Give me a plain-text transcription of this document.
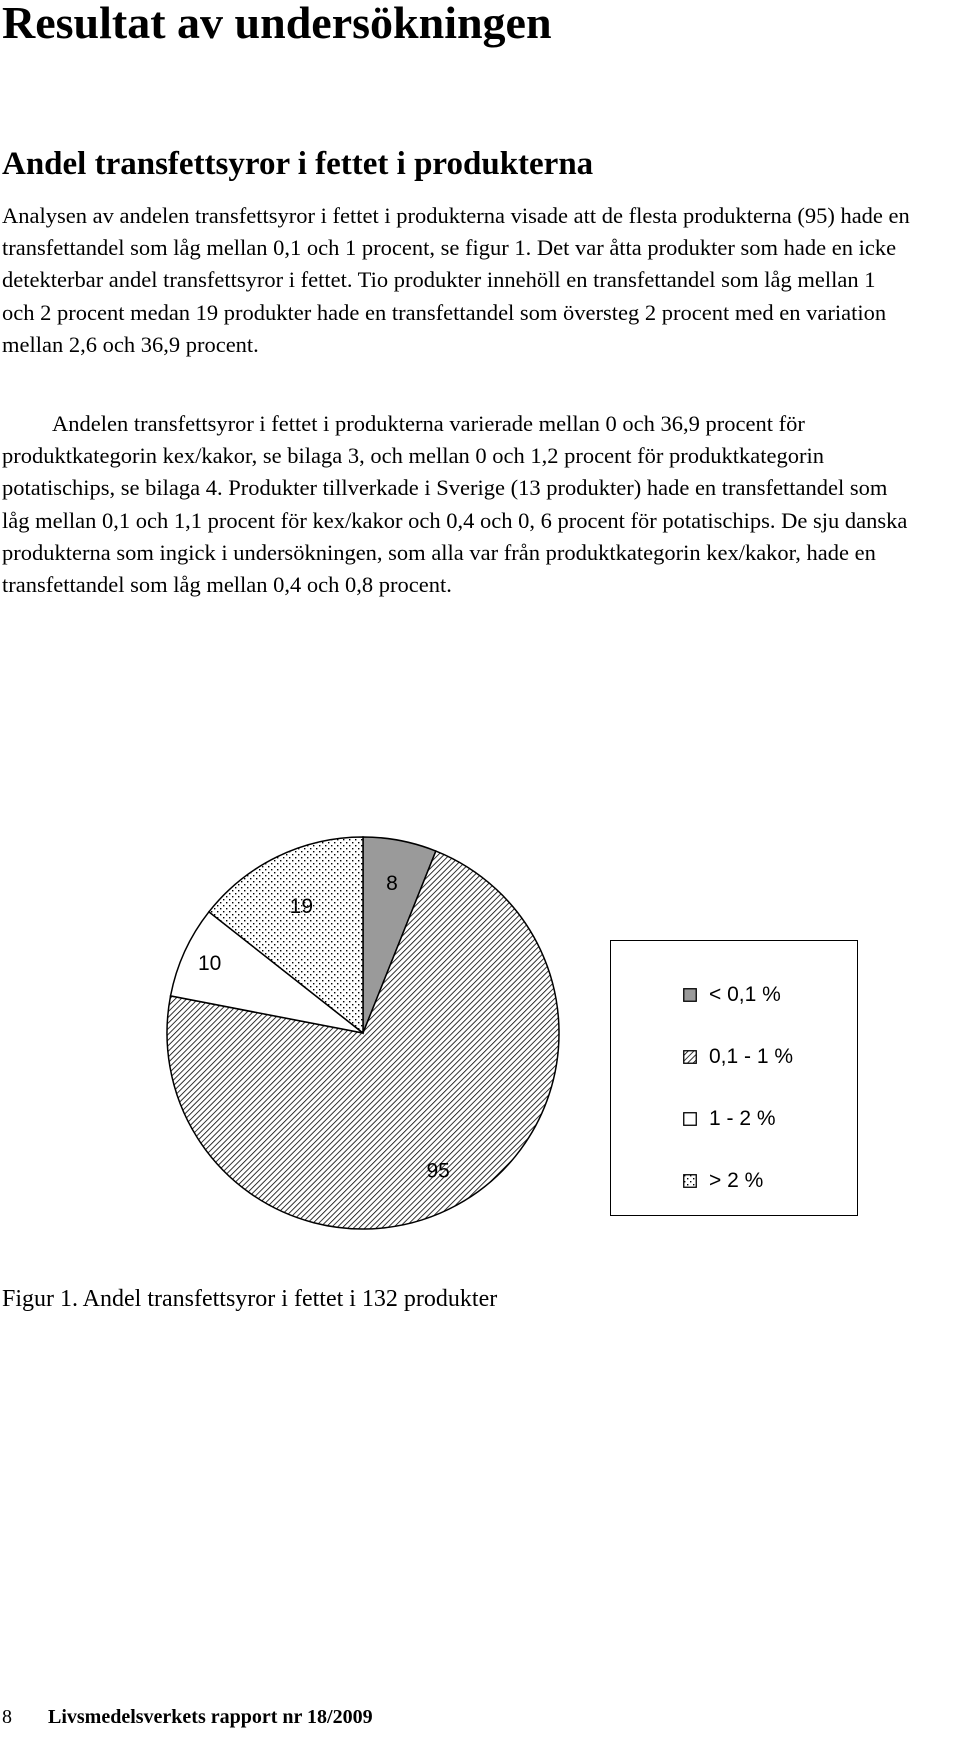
Resultat av undersökningen
Andel transfettsyror i fettet i produkterna

Analysen av andelen transfettsyror i fettet i produkterna visade att de flesta produkterna (95) hade en transfettandel som låg mellan 0,1 och 1 procent, se figur 1. Det var åtta produkter som hade en icke detekterbar andel transfettsyror i fettet. Tio produkter innehöll en transfettandel som låg mellan 1 och 2 procent medan 19 produkter hade en transfettandel som översteg 2 procent med en variation mellan 2,6 och 36,9 procent.

Andelen transfettsyror i fettet i produkterna varierade mellan 0 och 36,9 procent för produktkategorin kex/kakor, se bilaga 3, och mellan 0 och 1,2 procent för produktkategorin potatischips, se bilaga 4. Produkter tillverkade i Sverige (13 produkter) hade en transfettandel som låg mellan 0,1 och 1,1 procent för kex/kakor och 0,4 och 0, 6 procent för potatischips. De sju danska produkterna som ingick i undersökningen, som alla var från produktkategorin kex/kakor, hade en transfettandel som låg mellan 0,4 och 0,8 procent.

8
95
10
19
< 0,1 %
0,1 - 1 %
1 - 2 %
> 2 %
Figur 1. Andel transfettsyror i fettet i 132 produkter
8 Livsmedelsverkets rapport nr 18/2009
